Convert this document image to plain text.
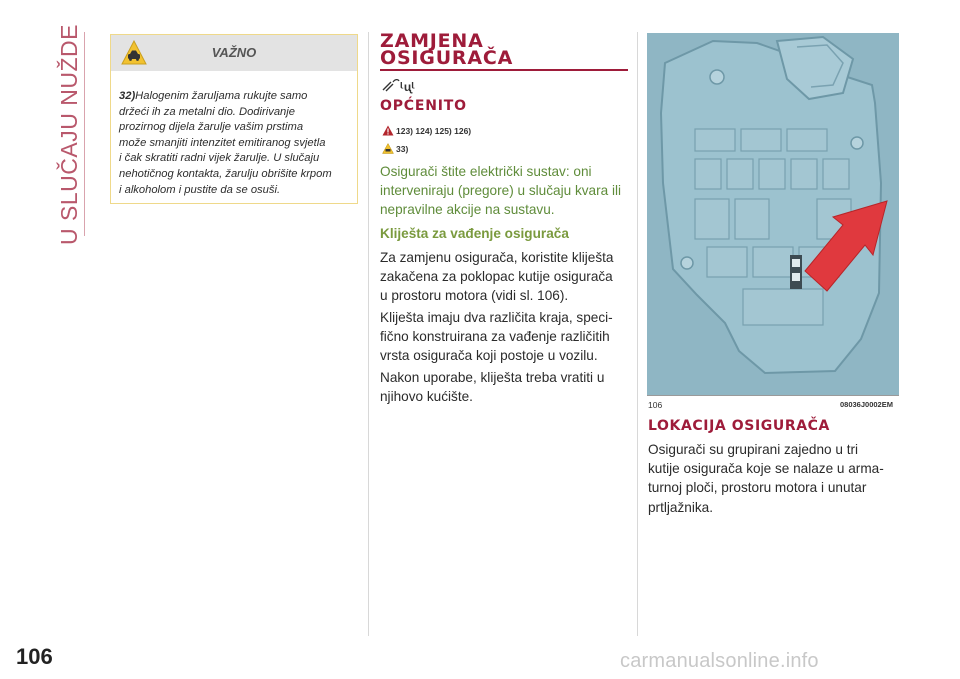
U SLUČAJU NUŽDE
106
VAŽNO
32)Halogenim žaruljama rukujte samo
držeći ih za metalni dio. Dodirivanje
prozirnog dijela žarulje vašim prstima
može smanjiti intenzitet emitiranog svjetla
i čak skratiti radni vijek žarulje. U slučaju
nehotičnog kontakta, žarulju obrišite krpom
i alkoholom i pustite da se osuši.
ZAMJENA
OSIGURAČA
ᶩᶙᶩ
OPĆENITO
123) 124) 125) 126)
33)
Osigurači štite električki sustav: oni
interveniraju (pregore) u slučaju kvara ili
nepravilne akcije na sustavu.
Kliješta za vađenje osigurača
Za zamjenu osigurača, koristite kliješta
zakačena za poklopac kutije osigurača
u prostoru motora (vidi sl. 106).
Kliješta imaju dva različita kraja, speci-
fično konstruirana za vađenje različitih
vrsta osigurača koji postoje u vozilu.
Nakon uporabe, kliješta treba vratiti u
njihovo kućište.
106	08036J0002EM
LOKACIJA OSIGURAČA
Osigurači su grupirani zajedno u tri
kutije osigurača koje se nalaze u arma-
turnoj ploči, prostoru motora i unutar
prtljažnika.
carmanualsonline.info
